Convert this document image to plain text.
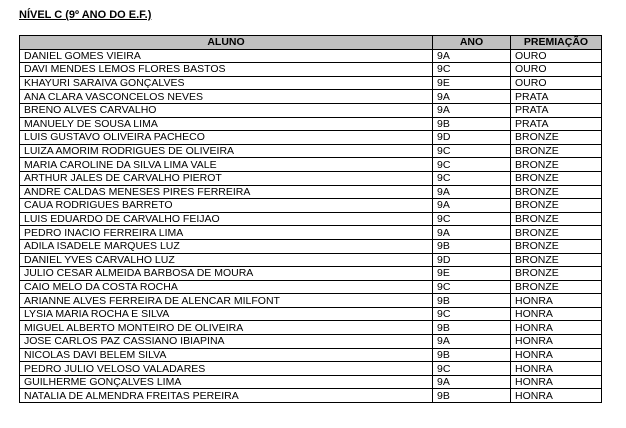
NÍVEL C (9º ANO DO E.F.)
ALUNO	ANO	PREMIAÇÃO
DANIEL GOMES VIEIRA	9A	OURO
DAVI MENDES LEMOS FLORES BASTOS	9C	OURO
KHAYURI SARAIVA GONÇALVES	9E	OURO
ANA CLARA VASCONCELOS NEVES	9A	PRATA
BRENO ALVES CARVALHO	9A	PRATA
MANUELY DE SOUSA LIMA	9B	PRATA
LUIS GUSTAVO OLIVEIRA PACHECO	9D	BRONZE
LUIZA AMORIM RODRIGUES DE OLIVEIRA	9C	BRONZE
MARIA CAROLINE DA SILVA LIMA VALE	9C	BRONZE
ARTHUR JALES DE CARVALHO PIEROT	9C	BRONZE
ANDRE CALDAS MENESES PIRES FERREIRA	9A	BRONZE
CAUA RODRIGUES BARRETO	9A	BRONZE
LUIS EDUARDO DE CARVALHO FEIJAO	9C	BRONZE
PEDRO INACIO FERREIRA LIMA	9A	BRONZE
ADILA ISADELE MARQUES LUZ	9B	BRONZE
DANIEL YVES CARVALHO LUZ	9D	BRONZE
JULIO CESAR ALMEIDA BARBOSA DE MOURA	9E	BRONZE
CAIO MELO DA COSTA ROCHA	9C	BRONZE
ARIANNE ALVES FERREIRA DE ALENCAR MILFONT	9B	HONRA
LYSIA MARIA ROCHA E SILVA	9C	HONRA
MIGUEL ALBERTO MONTEIRO DE OLIVEIRA	9B	HONRA
JOSE CARLOS PAZ CASSIANO IBIAPINA	9A	HONRA
NICOLAS DAVI BELEM SILVA	9B	HONRA
PEDRO JULIO VELOSO VALADARES	9C	HONRA
GUILHERME GONÇALVES LIMA	9A	HONRA
NATALIA DE ALMENDRA FREITAS PEREIRA	9B	HONRA
